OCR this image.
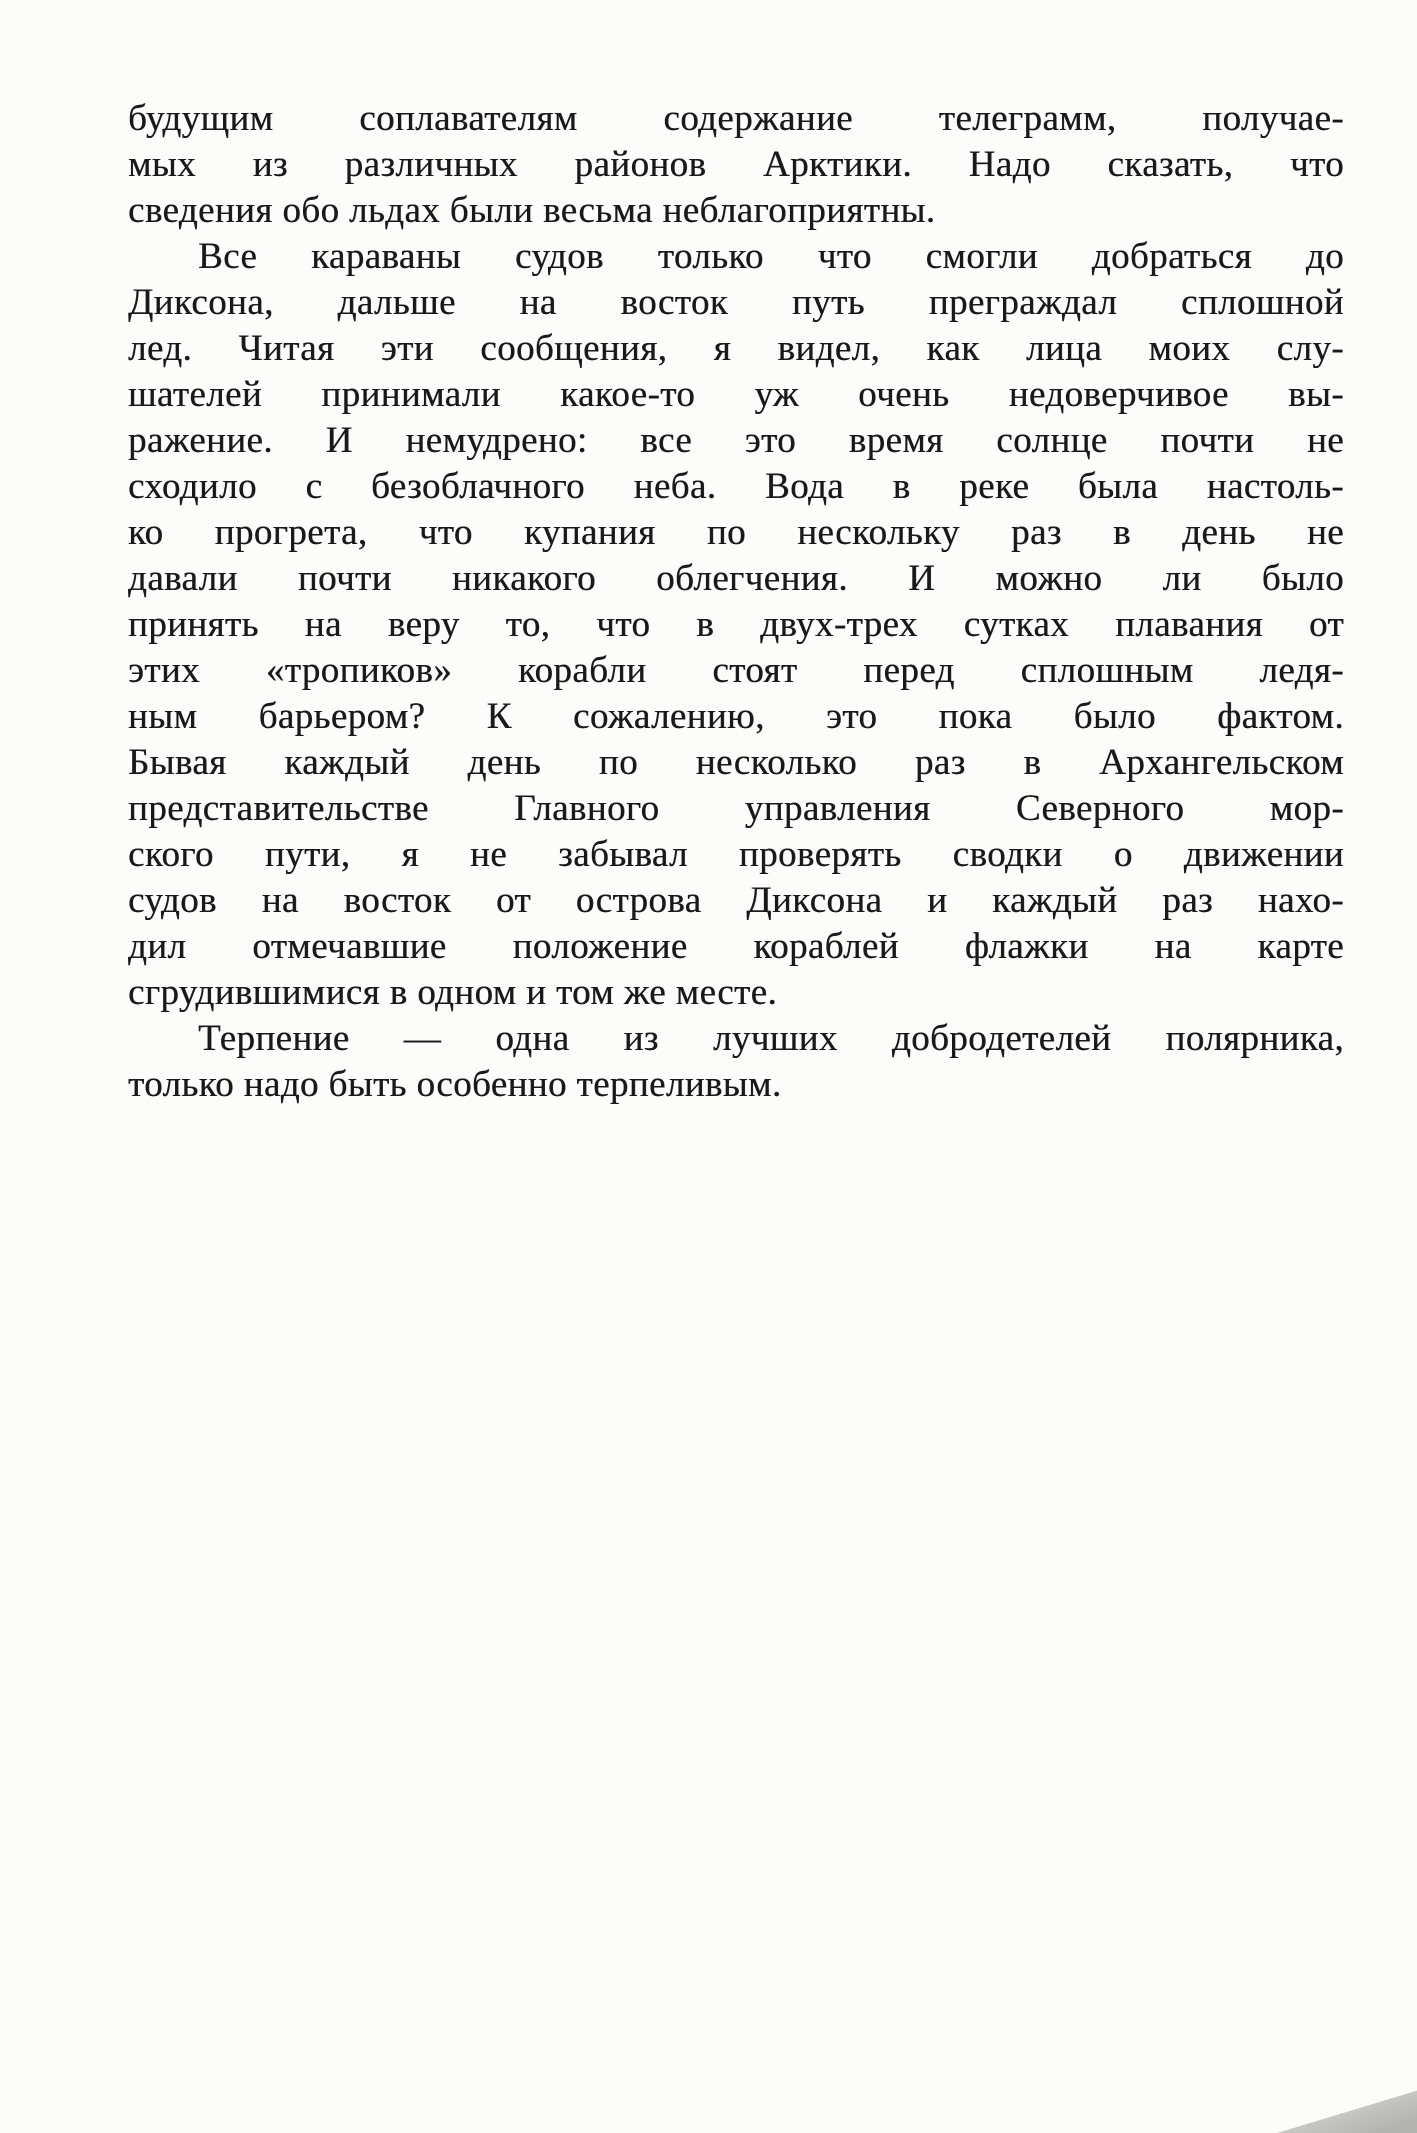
будущим соплавателям содержание телеграмм, получае-
мых из различных районов Арктики. Надо сказать, что
сведения обо льдах были весьма неблагоприятны.
Все караваны судов только что смогли добраться до
Диксона, дальше на восток путь преграждал сплошной
лед. Читая эти сообщения, я видел, как лица моих слу-
шателей принимали какое-то уж очень недоверчивое вы-
ражение. И немудрено: все это время солнце почти не
сходило с безоблачного неба. Вода в реке была настоль-
ко прогрета, что купания по нескольку раз в день не
давали почти никакого облегчения. И можно ли было
принять на веру то, что в двух-трех сутках плавания от
этих «тропиков» корабли стоят перед сплошным ледя-
ным барьером? К сожалению, это пока было фактом.
Бывая каждый день по несколько раз в Архангельском
представительстве Главного управления Северного мор-
ского пути, я не забывал проверять сводки о движении
судов на восток от острова Диксона и каждый раз нахо-
дил отмечавшие положение кораблей флажки на карте
сгрудившимися в одном и том же месте.
Терпение — одна из лучших добродетелей полярника,
только надо быть особенно терпеливым.
